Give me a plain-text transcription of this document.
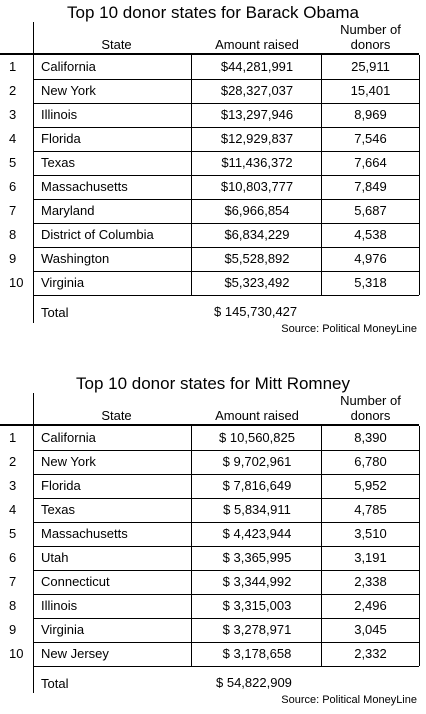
Top 10 donor states for Barack Obama
State	Amount raised
Number of
donors
1	California	$44,281,991	25,911
2	New York	$28,327,037	15,401
3	Illinois	$13,297,946	8,969
4	Florida	$12,929,837	7,546
5	Texas	$11,436,372	7,664
6	Massachusetts	$10,803,777	7,849
7	Maryland	$6,966,854	5,687
8	District of Columbia	$6,834,229	4,538
9	Washington	$5,528,892	4,976
10 Virginia	$5,323,492	5,318
Total	$ 145,730,427
Source: Political MoneyLine
Top 10 donor states for Mitt Romney
State	Amount raised
Number of
donors
1	California	$ 10,560,825	8,390
2	New York	$ 9,702,961	6,780
3	Florida	$ 7,816,649	5,952
4	Texas	$ 5,834,911	4,785
5	Massachusetts	$ 4,423,944	3,510
6	Utah	$ 3,365,995	3,191
7	Connecticut	$ 3,344,992	2,338
8	Illinois	$ 3,315,003	2,496
9	Virginia	$ 3,278,971	3,045
10 New Jersey	$ 3,178,658	2,332
Total	$ 54,822,909
Source: Political MoneyLine
